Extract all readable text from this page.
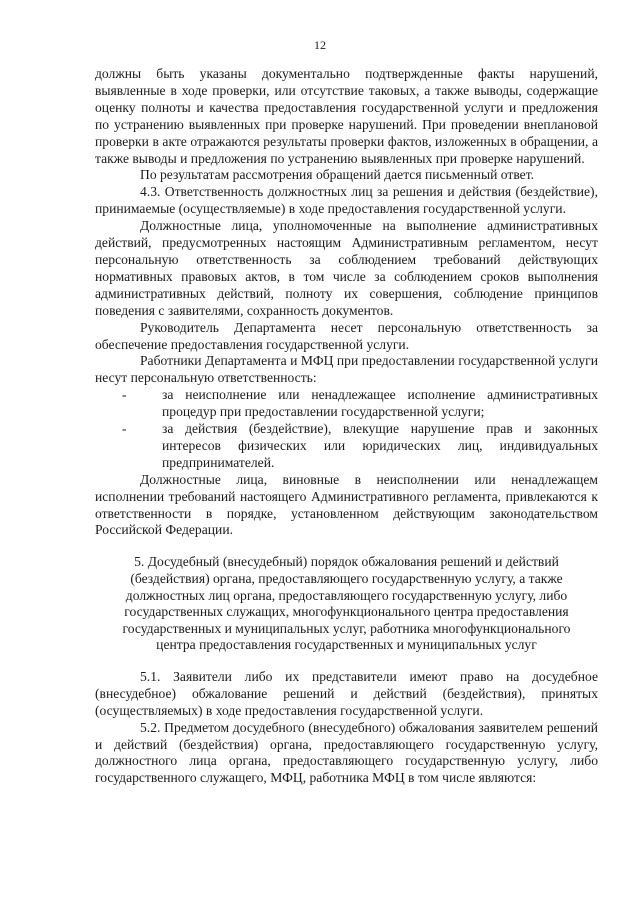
12

должны быть указаны документально подтвержденные факты нарушений, выявленные в ходе проверки, или отсутствие таковых, а также выводы, содержащие оценку полноты и качества предоставления государственной услуги и предложения по устранению выявленных при проверке нарушений. При проведении внеплановой проверки в акте отражаются результаты проверки фактов, изложенных в обращении, а также выводы и предложения по устранению выявленных при проверке нарушений.

По результатам рассмотрения обращений дается письменный ответ.

4.3. Ответственность должностных лиц за решения и действия (бездействие), принимаемые (осуществляемые) в ходе предоставления государственной услуги.

Должностные лица, уполномоченные на выполнение административных действий, предусмотренных настоящим Административным регламентом, несут персональную ответственность за соблюдением требований действующих нормативных правовых актов, в том числе за соблюдением сроков выполнения административных действий, полноту их совершения, соблюдение принципов поведения с заявителями, сохранность документов.

Руководитель Департамента несет персональную ответственность за обеспечение предоставления государственной услуги.

Работники Департамента и МФЦ при предоставлении государственной услуги несут персональную ответственность:

-	за неисполнение или ненадлежащее исполнение административных процедур при предоставлении государственной услуги;
-	за действия (бездействие), влекущие нарушение прав и законных интересов физических или юридических лиц, индивидуальных предпринимателей.

Должностные лица, виновные в неисполнении или ненадлежащем исполнении требований настоящего Административного регламента, привлекаются к ответственности в порядке, установленном действующим законодательством Российской Федерации.

5. Досудебный (внесудебный) порядок обжалования решений и действий (бездействия) органа, предоставляющего государственную услугу, а также должностных лиц органа, предоставляющего государственную услугу, либо государственных служащих, многофункционального центра предоставления государственных и муниципальных услуг, работника многофункционального центра предоставления государственных и муниципальных услуг

5.1. Заявители либо их представители имеют право на досудебное (внесудебное) обжалование решений и действий (бездействия), принятых (осуществляемых) в ходе предоставления государственной услуги.

5.2. Предметом досудебного (внесудебного) обжалования заявителем решений и действий (бездействия) органа, предоставляющего государственную услугу, должностного лица органа, предоставляющего государственную услугу, либо государственного служащего, МФЦ, работника МФЦ в том числе являются:
